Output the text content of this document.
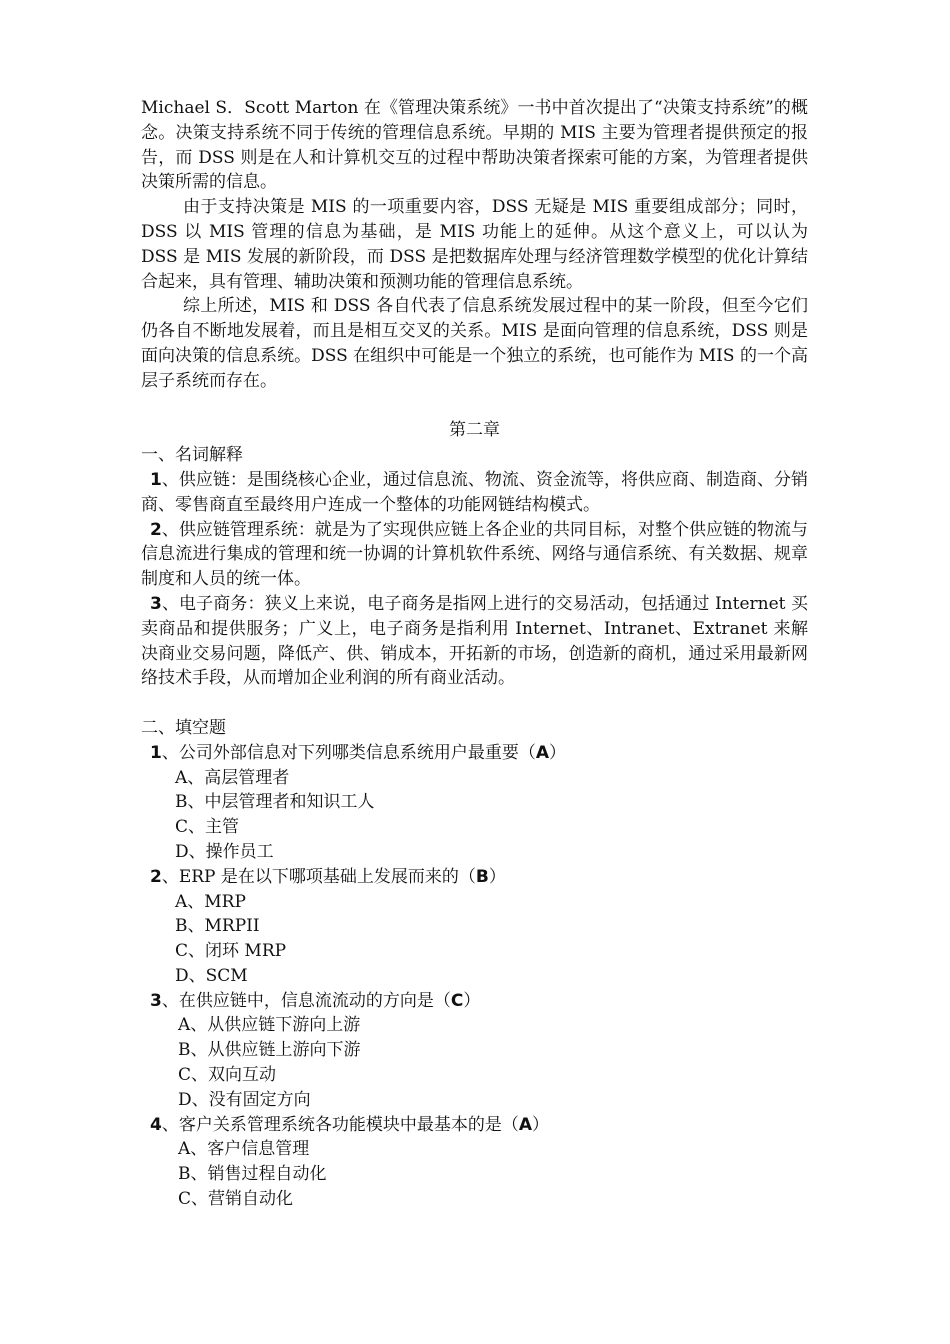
Michael S．Scott Marton 在《管理决策系统》一书中首次提出了“决策支持系统”的概念。决策支持系统不同于传统的管理信息系统。早期的 MIS 主要为管理者提供预定的报告，而 DSS 则是在人和计算机交互的过程中帮助决策者探索可能的方案，为管理者提供决策所需的信息。

由于支持决策是 MIS 的一项重要内容，DSS 无疑是 MIS 重要组成部分；同时，DSS 以 MIS 管理的信息为基础，是 MIS 功能上的延伸。从这个意义上，可以认为 DSS 是 MIS 发展的新阶段，而 DSS 是把数据库处理与经济管理数学模型的优化计算结合起来，具有管理、辅助决策和预测功能的管理信息系统。

综上所述，MIS 和 DSS 各自代表了信息系统发展过程中的某一阶段，但至今它们仍各自不断地发展着，而且是相互交叉的关系。MIS 是面向管理的信息系统，DSS 则是面向决策的信息系统。DSS 在组织中可能是一个独立的系统，也可能作为 MIS 的一个高层子系统而存在。

第二章

一、名词解释

1、供应链：是围绕核心企业，通过信息流、物流、资金流等，将供应商、制造商、分销商、零售商直至最终用户连成一个整体的功能网链结构模式。

2、供应链管理系统：就是为了实现供应链上各企业的共同目标，对整个供应链的物流与信息流进行集成的管理和统一协调的计算机软件系统、网络与通信系统、有关数据、规章制度和人员的统一体。

3、电子商务：狭义上来说，电子商务是指网上进行的交易活动，包括通过 Internet 买卖商品和提供服务；广义上，电子商务是指利用 Internet、Intranet、Extranet 来解决商业交易问题，降低产、供、销成本，开拓新的市场，创造新的商机，通过采用最新网络技术手段，从而增加企业利润的所有商业活动。

二、填空题

1、公司外部信息对下列哪类信息系统用户最重要（A）

A、高层管理者

B、中层管理者和知识工人

C、主管

D、操作员工

2、ERP 是在以下哪项基础上发展而来的（B）

A、MRP

B、MRPII

C、闭环 MRP

D、SCM

3、在供应链中，信息流流动的方向是（C）

A、从供应链下游向上游

B、从供应链上游向下游

C、双向互动

D、没有固定方向

4、客户关系管理系统各功能模块中最基本的是（A）

A、客户信息管理

B、销售过程自动化

C、营销自动化
